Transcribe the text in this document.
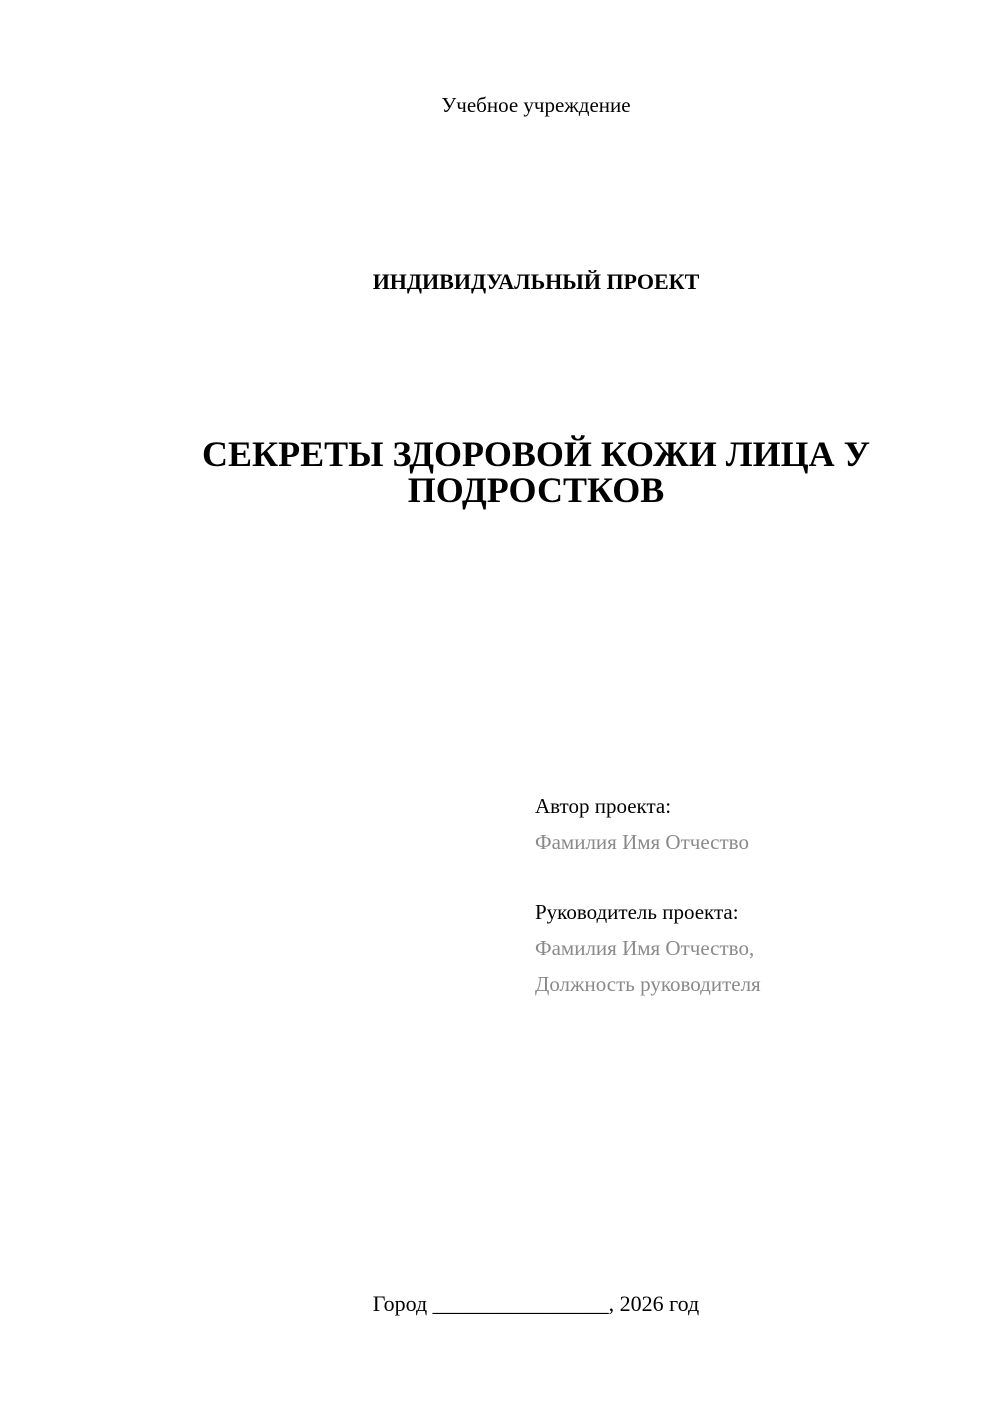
Учебное учреждение
ИНДИВИДУАЛЬНЫЙ ПРОЕКТ
СЕКРЕТЫ ЗДОРОВОЙ КОЖИ ЛИЦА У
ПОДРОСТКОВ
Автор проекта:
Фамилия Имя Отчество
Руководитель проекта:
Фамилия Имя Отчество,
Должность руководителя
Город ________________, 2026 год
